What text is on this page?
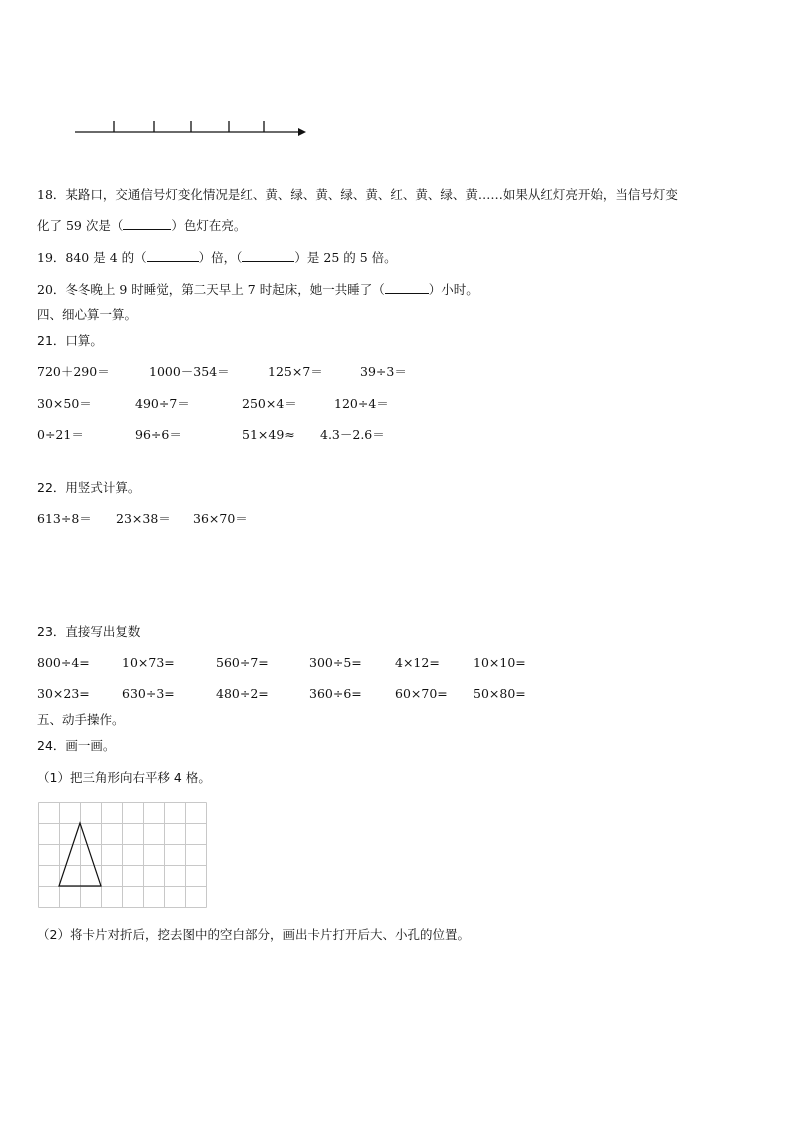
18．某路口，交通信号灯变化情况是红、黄、绿、黄、绿、黄、红、黄、绿、黄……如果从红灯亮开始，当信号灯变
化了 59 次是（	）色灯在亮。
19．840 是 4 的（	）倍，（	）是 25 的 5 倍。
20．冬冬晚上 9 时睡觉，第二天早上 7 时起床，她一共睡了（	）小时。
四、细心算一算。
21．口算。
720＋290＝	1000－354＝	125×7＝	39÷3＝
30×50＝	490÷7＝	250×4＝	120÷4＝
0÷21＝	96÷6＝	51×49≈ 4.3－2.6＝
22．用竖式计算。
613÷8＝ 23×38＝ 36×70＝
23．直接写出复数
800÷4=	10×73=	560÷7=	300÷5=	4×12=	10×10=
30×23=	630÷3=	480÷2=	360÷6=	60×70= 50×80=
五、动手操作。
24．画一画。
（1）把三角形向右平移 4 格。
（2）将卡片对折后，挖去图中的空白部分，画出卡片打开后大、小孔的位置。
